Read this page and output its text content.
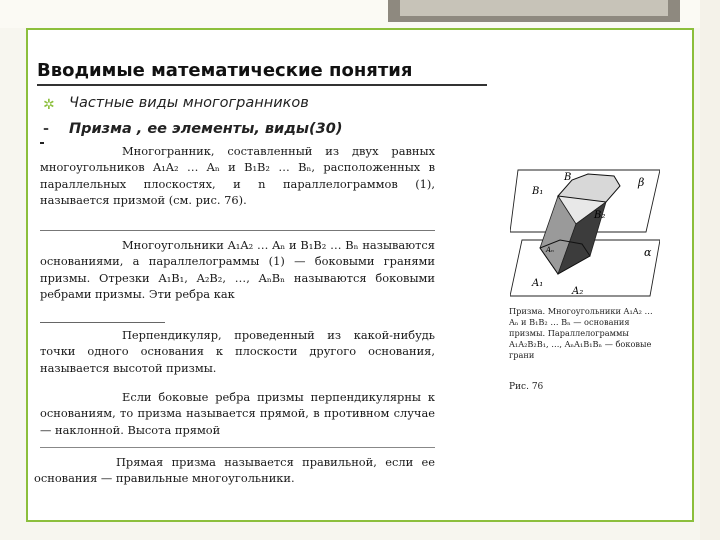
Вводимые математические понятия
✲ Частные виды многогранников
- Призма , ее элементы, виды(30)

Многогранник, составленный из двух равных многоугольников A₁A₂ … Aₙ и B₁B₂ … Bₙ, расположенных в параллельных плоскостях, и n параллелограммов (1), называется призмой (см. рис. 76).

Многоугольники A₁A₂ … Aₙ и B₁B₂ … Bₙ называются основаниями, а параллелограммы (1) — боковыми гранями призмы. Отрезки A₁B₁, A₂B₂, …, AₙBₙ называются боковыми ребрами призмы. Эти ребра как

Перпендикуляр, проведенный из какой-нибудь точки одного основания к плоскости другого основания, называется высотой призмы.

Если боковые ребра призмы перпендикулярны к основаниям, то призма называется прямой, в противном случае — наклонной. Высота прямой

Прямая призма называется правильной, если ее основания — правильные многоугольники.

B₁
B	β
B₂
Aₙ	α
A₁
A₂

Призма. Многоугольники A₁A₂ … Aₙ и B₁B₂ … Bₙ — основания призмы. Параллелограммы A₁A₂B₂B₁, …, AₙA₁B₁Bₙ — боковые грани

Рис. 76
